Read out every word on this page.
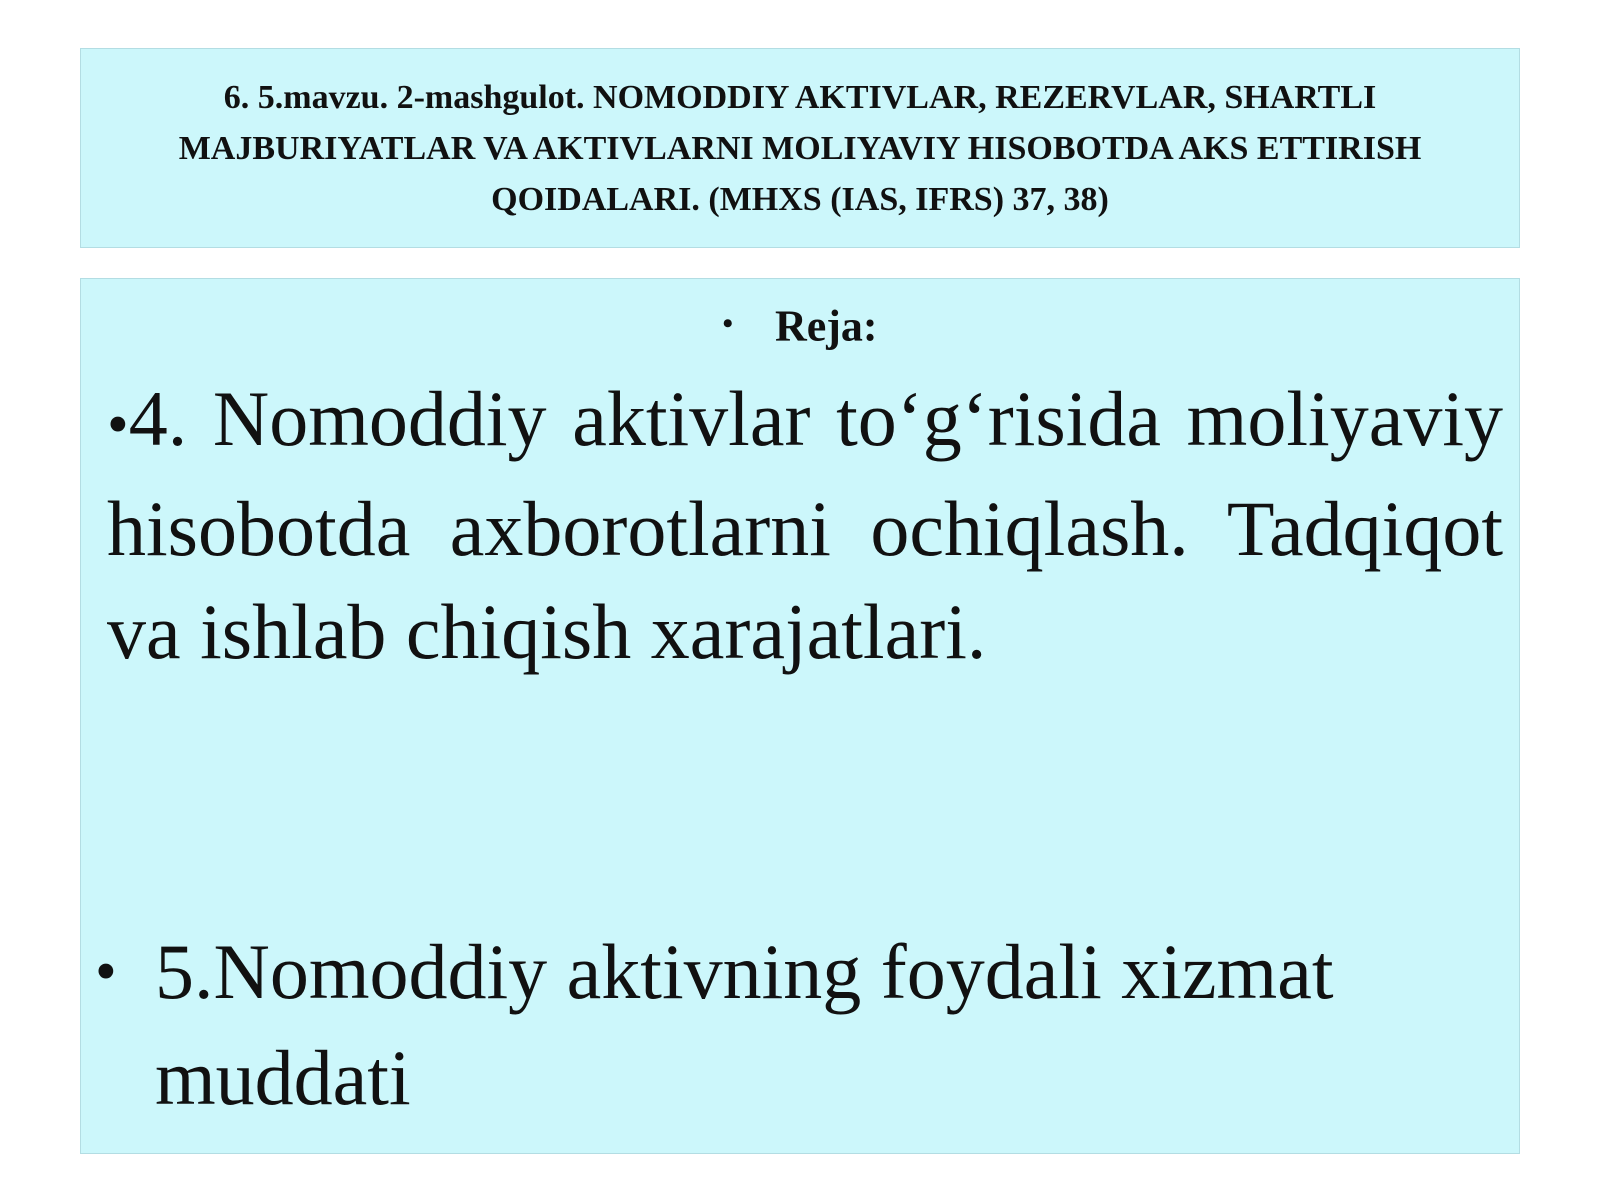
6. 5.mavzu. 2-mashgulot. NOMODDIY AKTIVLAR, REZERVLAR, SHARTLI MAJBURIYATLAR VA AKTIVLARNI MOLIYAVIY HISOBOTDA AKS ETTIRISH QOIDALARI. (MHXS (IAS, IFRS) 37, 38)

• Reja:
•4. Nomoddiy aktivlar to‘g‘risida moliyaviy hisobotda axborotlarni ochiqlash. Tadqiqot va ishlab chiqish xarajatlari.
• 5.Nomoddiy aktivning foydali xizmat muddati
